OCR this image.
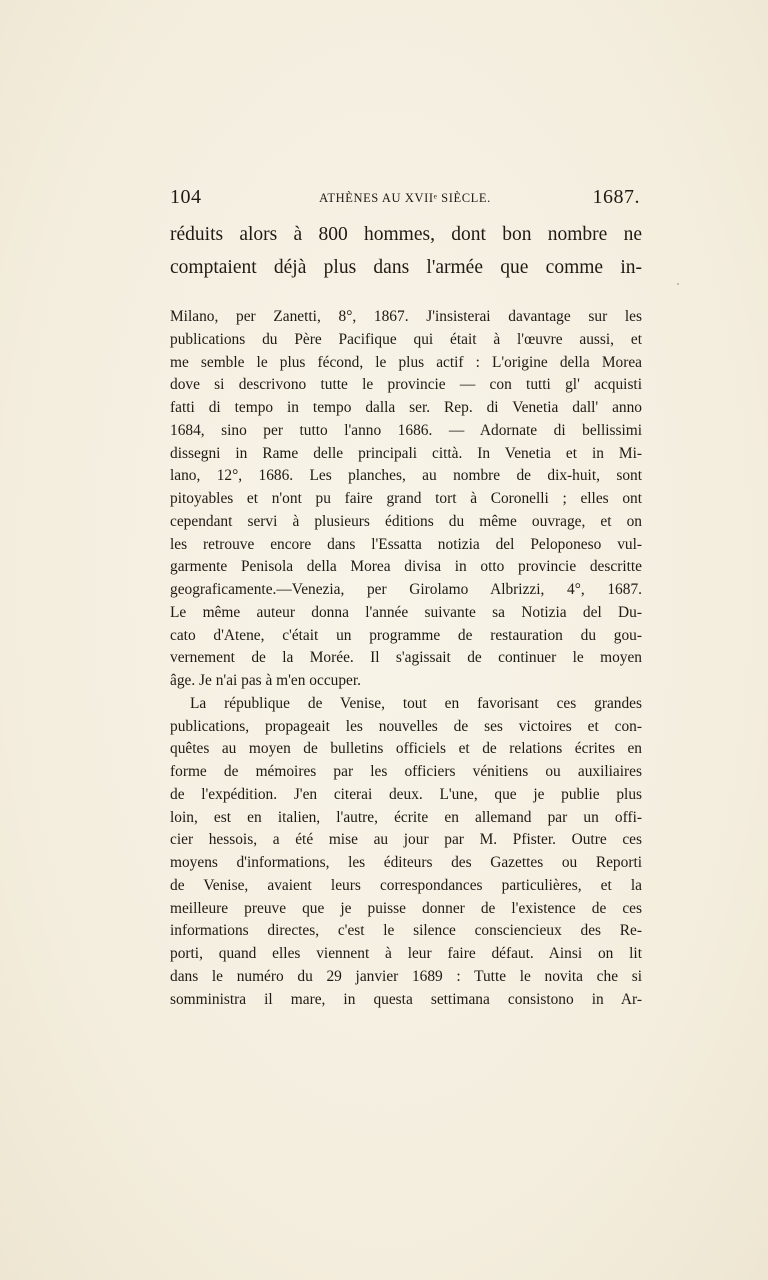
104	ATHÈNES AU XVIIᵉ SIÈCLE.	1687.
réduits alors à 800 hommes, dont bon nombre ne
comptaient déjà plus dans l'armée que comme in-
Milano, per Zanetti, 8°, 1867. J'insisterai davantage sur les
publications du Père Pacifique qui était à l'œuvre aussi, et
me semble le plus fécond, le plus actif : L'origine della Morea
dove si descrivono tutte le provincie — con tutti gl' acquisti
fatti di tempo in tempo dalla ser. Rep. di Venetia dall' anno
1684, sino per tutto l'anno 1686. — Adornate di bellissimi
dissegni in Rame delle principali città. In Venetia et in Mi-
lano, 12°, 1686. Les planches, au nombre de dix-huit, sont
pitoyables et n'ont pu faire grand tort à Coronelli ; elles ont
cependant servi à plusieurs éditions du même ouvrage, et on
les retrouve encore dans l'Essatta notizia del Peloponeso vul-
garmente Penisola della Morea divisa in otto provincie descritte
geograficamente.—Venezia, per Girolamo Albrizzi, 4°, 1687.
Le même auteur donna l'année suivante sa Notizia del Du-
cato d'Atene, c'était un programme de restauration du gou-
vernement de la Morée. Il s'agissait de continuer le moyen
âge. Je n'ai pas à m'en occuper.
La république de Venise, tout en favorisant ces grandes
publications, propageait les nouvelles de ses victoires et con-
quêtes au moyen de bulletins officiels et de relations écrites en
forme de mémoires par les officiers vénitiens ou auxiliaires
de l'expédition. J'en citerai deux. L'une, que je publie plus
loin, est en italien, l'autre, écrite en allemand par un offi-
cier hessois, a été mise au jour par M. Pfister. Outre ces
moyens d'informations, les éditeurs des Gazettes ou Reporti
de Venise, avaient leurs correspondances particulières, et la
meilleure preuve que je puisse donner de l'existence de ces
informations directes, c'est le silence consciencieux des Re-
porti, quand elles viennent à leur faire défaut. Ainsi on lit
dans le numéro du 29 janvier 1689 : Tutte le novita che si
somministra il mare, in questa settimana consistono in Ar-
